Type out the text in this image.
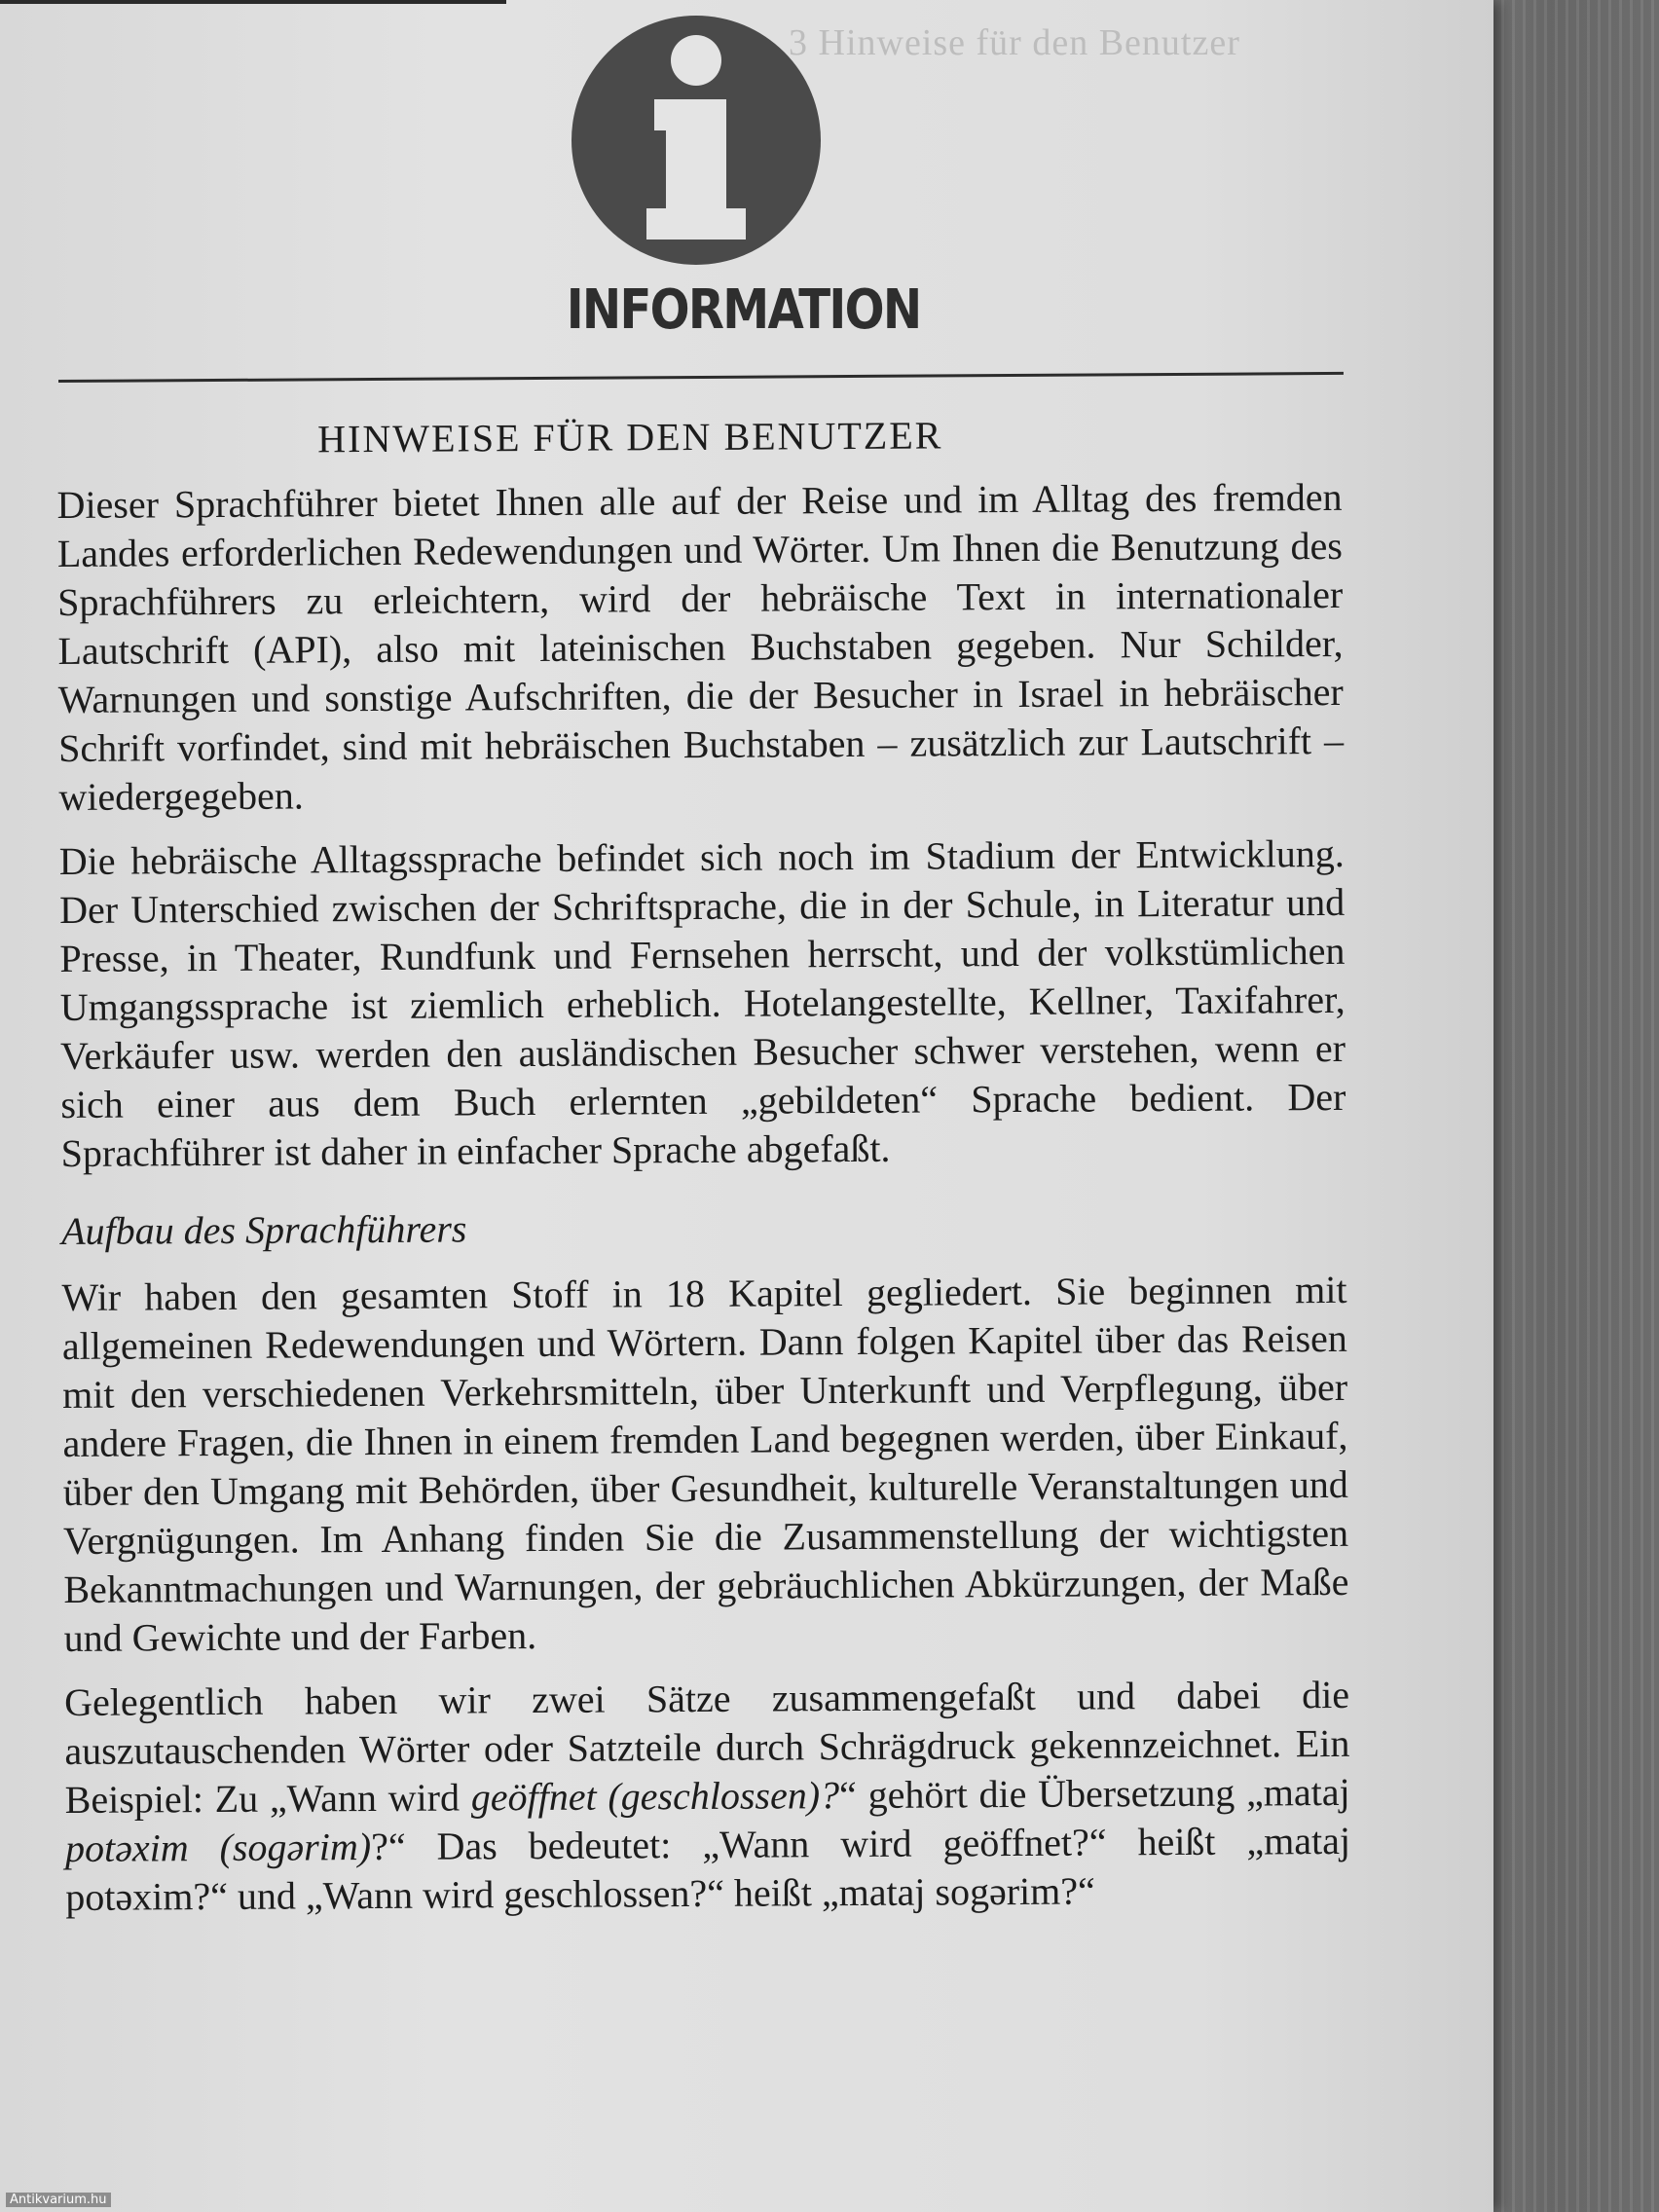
3 Hinweise für den Benutzer
INFORMATION
HINWEISE FÜR DEN BENUTZER

Dieser Sprachführer bietet Ihnen alle auf der Reise und im Alltag des fremden Landes erforderlichen Redewendungen und Wörter. Um Ihnen die Benutzung des Sprachführers zu erleichtern, wird der hebräische Text in internationaler Lautschrift (API), also mit lateinischen Buchstaben gegeben. Nur Schilder, Warnungen und sonstige Aufschriften, die der Besucher in Israel in hebräischer Schrift vorfindet, sind mit hebräischen Buchstaben – zusätzlich zur Lautschrift – wiedergegeben.

Die hebräische Alltagssprache befindet sich noch im Stadium der Entwicklung. Der Unterschied zwischen der Schriftsprache, die in der Schule, in Literatur und Presse, in Theater, Rundfunk und Fernsehen herrscht, und der volkstümlichen Umgangssprache ist ziemlich erheblich. Hotelangestellte, Kellner, Taxifahrer, Verkäufer usw. werden den ausländischen Besucher schwer verstehen, wenn er sich einer aus dem Buch erlernten „gebildeten“ Sprache bedient. Der Sprachführer ist daher in einfacher Sprache abgefaßt.

Aufbau des Sprachführers

Wir haben den gesamten Stoff in 18 Kapitel gegliedert. Sie beginnen mit allgemeinen Redewendungen und Wörtern. Dann folgen Kapitel über das Reisen mit den verschiedenen Verkehrsmitteln, über Unterkunft und Verpflegung, über andere Fragen, die Ihnen in einem fremden Land begegnen werden, über Einkauf, über den Umgang mit Behörden, über Gesundheit, kulturelle Veranstaltungen und Vergnügungen. Im Anhang finden Sie die Zusammenstellung der wichtigsten Bekanntmachungen und Warnungen, der gebräuchlichen Abkürzungen, der Maße und Gewichte und der Farben.

Gelegentlich haben wir zwei Sätze zusammengefaßt und dabei die auszutauschenden Wörter oder Satzteile durch Schrägdruck gekennzeichnet. Ein Beispiel: Zu „Wann wird geöffnet (geschlossen)?“ gehört die Übersetzung „mataj potəxim (sogərim)?“ Das bedeutet: „Wann wird geöffnet?“ heißt „mataj potəxim?“ und „Wann wird geschlossen?“ heißt „mataj sogərim?“

Antikvarium.hu
